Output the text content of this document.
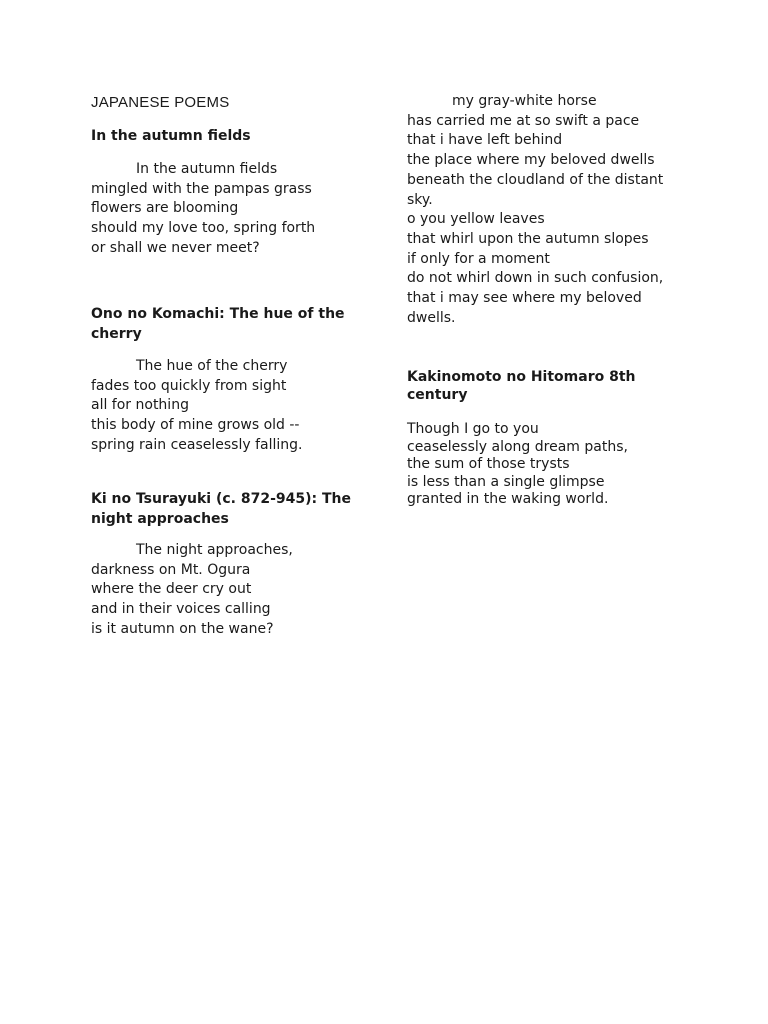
JAPANESE POEMS
In the autumn fields
In the autumn fields
mingled with the pampas grass
flowers are blooming
should my love too, spring forth
or shall we never meet?
Ono no Komachi: The hue of the cherry
The hue of the cherry
fades too quickly from sight
all for nothing
this body of mine grows old --
spring rain ceaselessly falling.
Ki no Tsurayuki (c. 872-945): The night approaches
The night approaches,
darkness on Mt. Ogura
where the deer cry out
and in their voices calling
is it autumn on the wane?
my gray-white horse
has carried me at so swift a pace
that i have left behind
the place where my beloved dwells
beneath the cloudland of the distant
sky.
o you yellow leaves
that whirl upon the autumn slopes
if only for a moment
do not whirl down in such confusion,
that i may see where my beloved
dwells.
Kakinomoto no Hitomaro 8th century
Though I go to you
ceaselessly along dream paths,
the sum of those trysts
is less than a single glimpse
granted in the waking world.
